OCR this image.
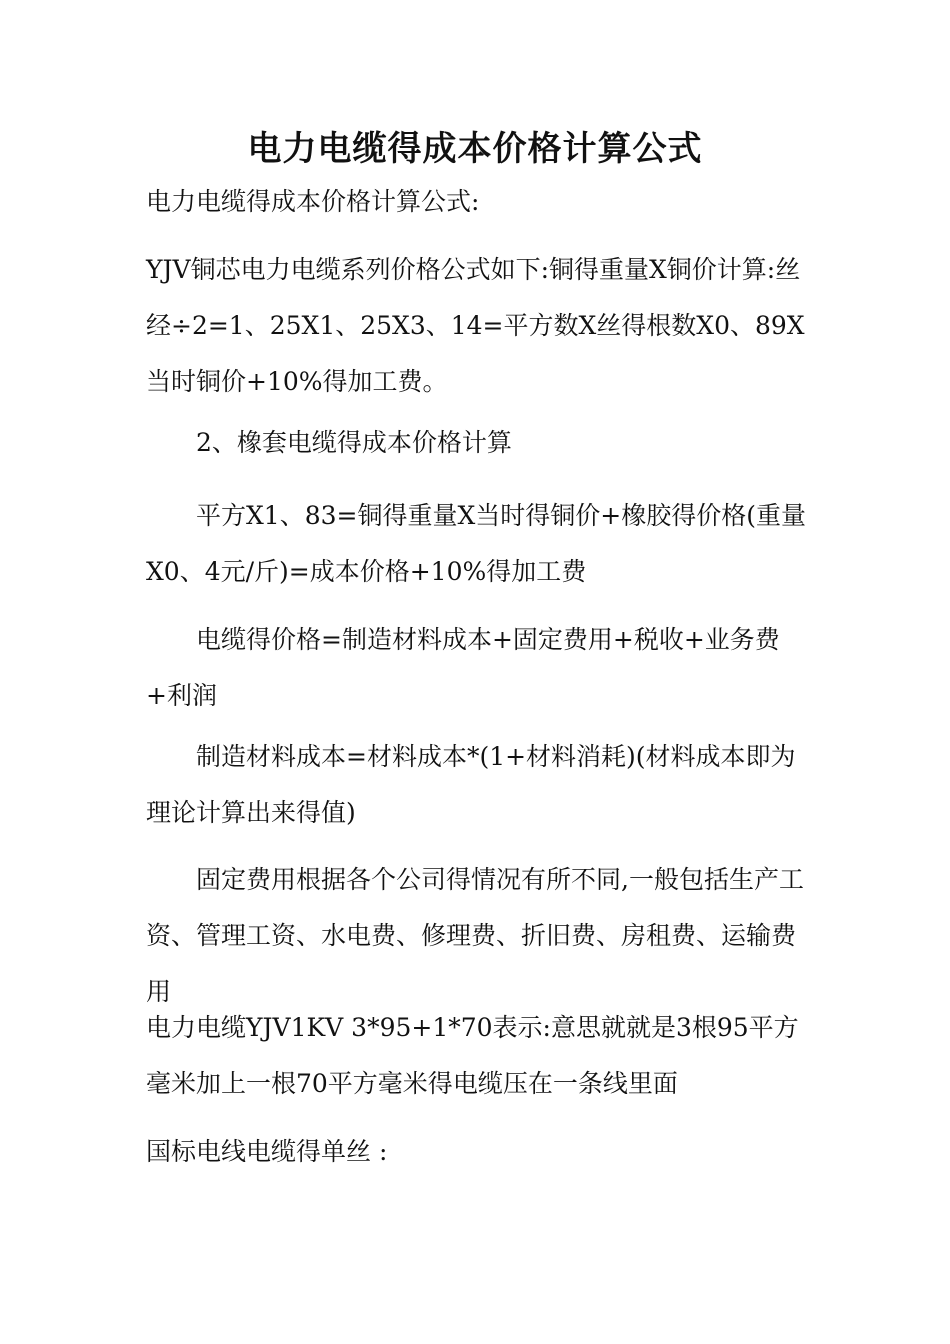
电力电缆得成本价格计算公式
电力电缆得成本价格计算公式:
YJV铜芯电力电缆系列价格公式如下:铜得重量X铜价计算:丝经÷2=1、25X1、25X3、14=平方数X丝得根数X0、89X当时铜价+10%得加工费。
2、橡套电缆得成本价格计算
平方X1、83=铜得重量X当时得铜价+橡胶得价格(重量X0、4元/斤)=成本价格+10%得加工费
电缆得价格=制造材料成本+固定费用+税收+业务费+利润
制造材料成本=材料成本*(1+材料消耗)(材料成本即为理论计算出来得值)
固定费用根据各个公司得情况有所不同,一般包括生产工资、管理工资、水电费、修理费、折旧费、房租费、运输费用
电力电缆YJV1KV 3*95+1*70表示:意思就就是3根95平方毫米加上一根70平方毫米得电缆压在一条线里面
国标电线电缆得单丝 :
